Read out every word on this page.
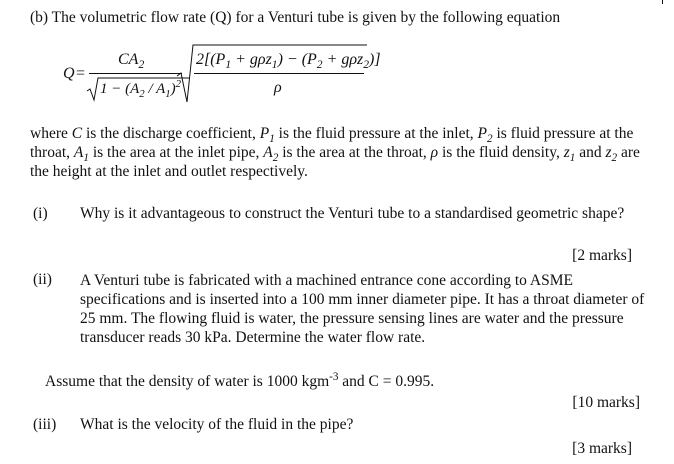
(b) The volumetric flow rate (Q) for a Venturi tube is given by the following equation
Q =
$CA_2$
$1 - (A_2 / A_1)^2$
$2[(P_1 + g\rho z_1) - (P_2 + g\rho z_2)]$
ρ
where C is the discharge coefficient, $P_1$ is the fluid pressure at the inlet, $P_2$ is fluid pressure at the
throat, $A_1$ is the area at the inlet pipe, $A_2$ is the area at the throat, ρ is the fluid density, $z_1$ and $z_2$ are
the height at the inlet and outlet respectively.
(i) Why is it advantageous to construct the Venturi tube to a standardised geometric shape?
[2 marks]
(ii) A Venturi tube is fabricated with a machined entrance cone according to ASME
specifications and is inserted into a 100 mm inner diameter pipe. It has a throat diameter of
25 mm. The flowing fluid is water, the pressure sensing lines are water and the pressure
transducer reads 30 kPa. Determine the water flow rate.
Assume that the density of water is 1000 kgm$^{-3}$ and C = 0.995.
[10 marks]
(iii) What is the velocity of the fluid in the pipe?
[3 marks]
